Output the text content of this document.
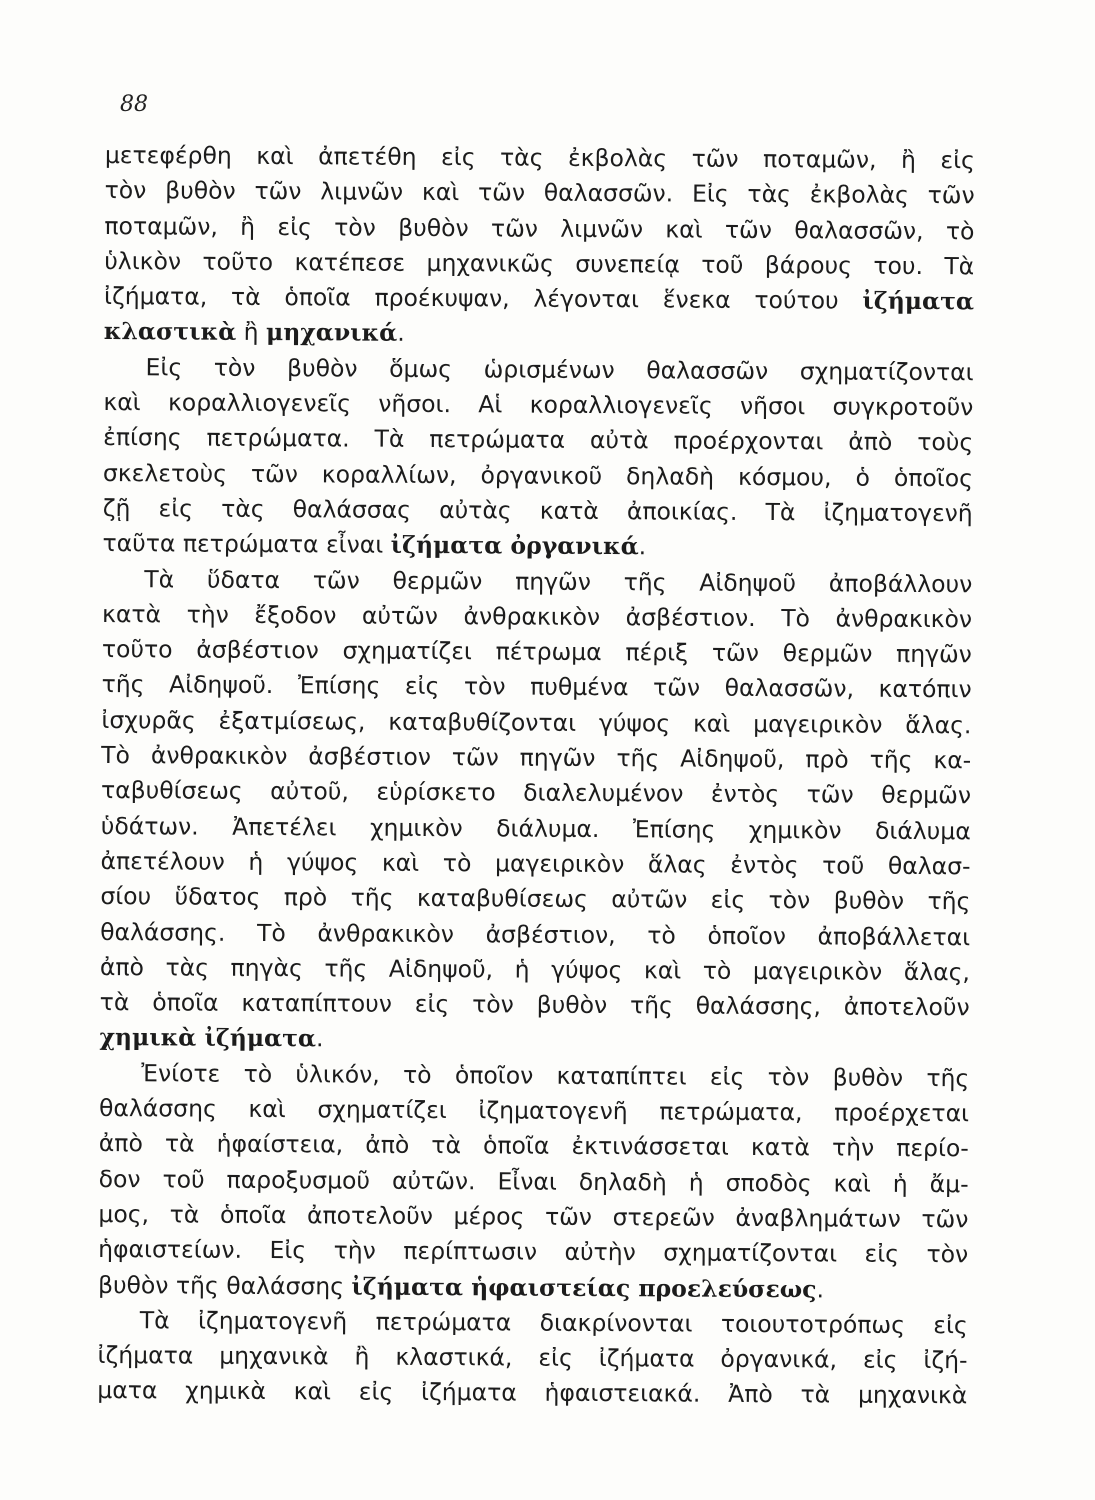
88
μετεφέρθη καὶ ἀπετέθη εἰς τὰς ἐκβολὰς τῶν ποταμῶν, ἢ εἰς
τὸν βυθὸν τῶν λιμνῶν καὶ τῶν θαλασσῶν. Εἰς τὰς ἐκβολὰς τῶν
ποταμῶν, ἢ εἰς τὸν βυθὸν τῶν λιμνῶν καὶ τῶν θαλασσῶν, τὸ
ὑλικὸν τοῦτο κατέπεσε μηχανικῶς συνεπείᾳ τοῦ βάρους του. Τὰ
ἰζήματα, τὰ ὁποῖα προέκυψαν, λέγονται ἕνεκα τούτου ἰζήματα
κλαστικὰ ἢ μηχανικά.
Εἰς τὸν βυθὸν ὅμως ὡρισμένων θαλασσῶν σχηματίζονται
καὶ κοραλλιογενεῖς νῆσοι. Αἱ κοραλλιογενεῖς νῆσοι συγκροτοῦν
ἐπίσης πετρώματα. Τὰ πετρώματα αὐτὰ προέρχονται ἀπὸ τοὺς
σκελετοὺς τῶν κοραλλίων, ὀργανικοῦ δηλαδὴ κόσμου, ὁ ὁποῖος
ζῇ εἰς τὰς θαλάσσας αὐτὰς κατὰ ἀποικίας. Τὰ ἰζηματογενῆ
ταῦτα πετρώματα εἶναι ἰζήματα ὀργανικά.
Τὰ ὕδατα τῶν θερμῶν πηγῶν τῆς Αἰδηψοῦ ἀποβάλλουν
κατὰ τὴν ἔξοδον αὐτῶν ἀνθρακικὸν ἀσβέστιον. Τὸ ἀνθρακικὸν
τοῦτο ἀσβέστιον σχηματίζει πέτρωμα πέριξ τῶν θερμῶν πηγῶν
τῆς Αἰδηψοῦ. Ἐπίσης εἰς τὸν πυθμένα τῶν θαλασσῶν, κατόπιν
ἰσχυρᾶς ἐξατμίσεως, καταβυθίζονται γύψος καὶ μαγειρικὸν ἅλας.
Τὸ ἀνθρακικὸν ἀσβέστιον τῶν πηγῶν τῆς Αἰδηψοῦ, πρὸ τῆς κα-
ταβυθίσεως αὐτοῦ, εὑρίσκετο διαλελυμένον ἐντὸς τῶν θερμῶν
ὑδάτων. Ἀπετέλει χημικὸν διάλυμα. Ἐπίσης χημικὸν διάλυμα
ἀπετέλουν ἡ γύψος καὶ τὸ μαγειρικὸν ἅλας ἐντὸς τοῦ θαλασ-
σίου ὕδατος πρὸ τῆς καταβυθίσεως αὐτῶν εἰς τὸν βυθὸν τῆς
θαλάσσης. Τὸ ἀνθρακικὸν ἀσβέστιον, τὸ ὁποῖον ἀποβάλλεται
ἀπὸ τὰς πηγὰς τῆς Αἰδηψοῦ, ἡ γύψος καὶ τὸ μαγειρικὸν ἅλας,
τὰ ὁποῖα καταπίπτουν εἰς τὸν βυθὸν τῆς θαλάσσης, ἀποτελοῦν
χημικὰ ἰζήματα.
Ἐνίοτε τὸ ὑλικόν, τὸ ὁποῖον καταπίπτει εἰς τὸν βυθὸν τῆς
θαλάσσης καὶ σχηματίζει ἰζηματογενῆ πετρώματα, προέρχεται
ἀπὸ τὰ ἡφαίστεια, ἀπὸ τὰ ὁποῖα ἐκτινάσσεται κατὰ τὴν περίο-
δον τοῦ παροξυσμοῦ αὐτῶν. Εἶναι δηλαδὴ ἡ σποδὸς καὶ ἡ ἄμ-
μος, τὰ ὁποῖα ἀποτελοῦν μέρος τῶν στερεῶν ἀναβλημάτων τῶν
ἡφαιστείων. Εἰς τὴν περίπτωσιν αὐτὴν σχηματίζονται εἰς τὸν
βυθὸν τῆς θαλάσσης ἰζήματα ἡφαιστείας προελεύσεως.
Τὰ ἰζηματογενῆ πετρώματα διακρίνονται τοιουτοτρόπως εἰς
ἰζήματα μηχανικὰ ἢ κλαστικά, εἰς ἰζήματα ὀργανικά, εἰς ἰζή-
ματα χημικὰ καὶ εἰς ἰζήματα ἡφαιστειακά. Ἀπὸ τὰ μηχανικὰ
